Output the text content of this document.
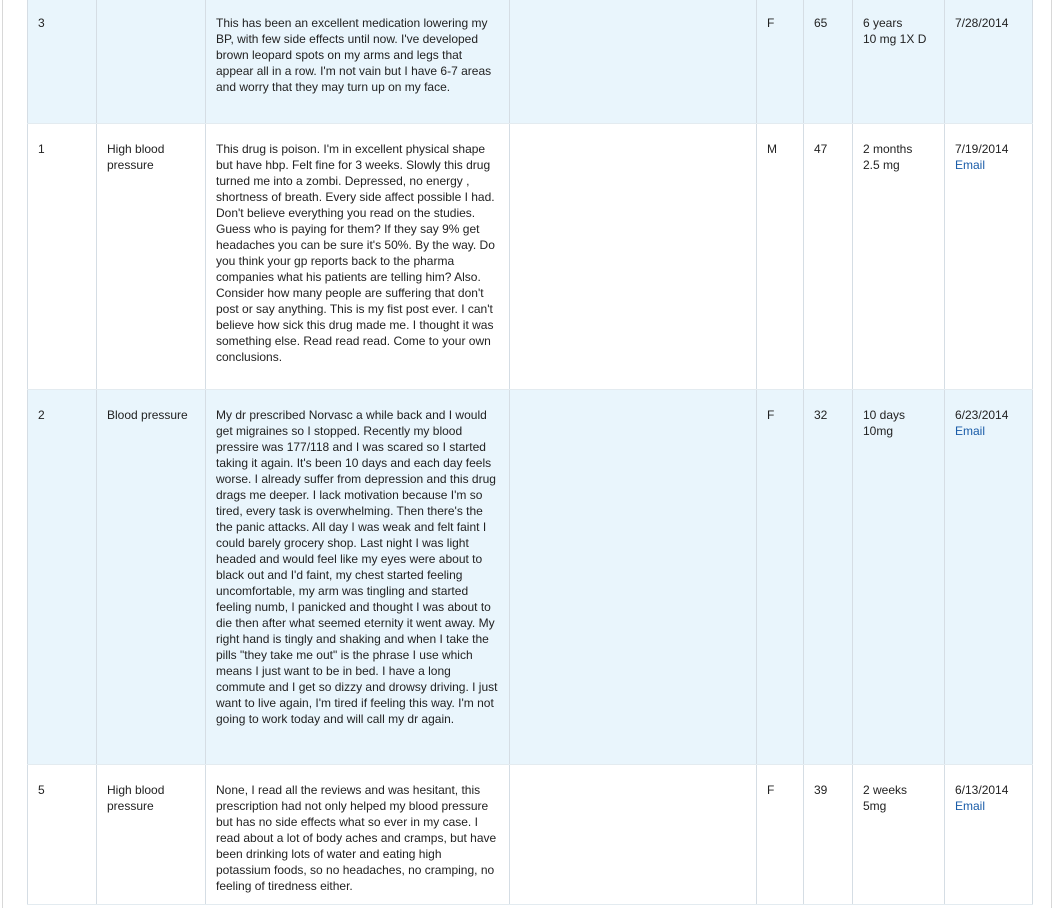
3		This has been an excellent medication lowering my BP, with few side effects until now. I've developed brown leopard spots on my arms and legs that appear all in a row. I'm not vain but I have 6-7 areas and worry that they may turn up on my face.		F	65	6 years
10 mg 1X D	7/28/2014

1	High blood pressure	This drug is poison. I'm in excellent physical shape but have hbp. Felt fine for 3 weeks. Slowly this drug turned me into a zombi. Depressed, no energy , shortness of breath. Every side affect possible I had. Don't believe everything you read on the studies. Guess who is paying for them? If they say 9% get headaches you can be sure it's 50%. By the way. Do you think your gp reports back to the pharma companies what his patients are telling him? Also. Consider how many people are suffering that don't post or say anything. This is my fist post ever. I can't believe how sick this drug made me. I thought it was something else. Read read read. Come to your own conclusions.		M	47	2 months
2.5 mg	7/19/2014
Email

2	Blood pressure	My dr prescribed Norvasc a while back and I would get migraines so I stopped. Recently my blood pressire was 177/118 and I was scared so I started taking it again. It's been 10 days and each day feels worse. I already suffer from depression and this drug drags me deeper. I lack motivation because I'm so tired, every task is overwhelming. Then there's the the panic attacks. All day I was weak and felt faint I could barely grocery shop. Last night I was light headed and would feel like my eyes were about to black out and I'd faint, my chest started feeling uncomfortable, my arm was tingling and started feeling numb, I panicked and thought I was about to die then after what seemed eternity it went away. My right hand is tingly and shaking and when I take the pills "they take me out" is the phrase I use which means I just want to be in bed. I have a long commute and I get so dizzy and drowsy driving. I just want to live again, I'm tired if feeling this way. I'm not going to work today and will call my dr again.		F	32	10 days
10mg	6/23/2014
Email

5	High blood pressure	None, I read all the reviews and was hesitant, this prescription had not only helped my blood pressure but has no side effects what so ever in my case. I read about a lot of body aches and cramps, but have been drinking lots of water and eating high potassium foods, so no headaches, no cramping, no feeling of tiredness either.		F	39	2 weeks
5mg	6/13/2014
Email
